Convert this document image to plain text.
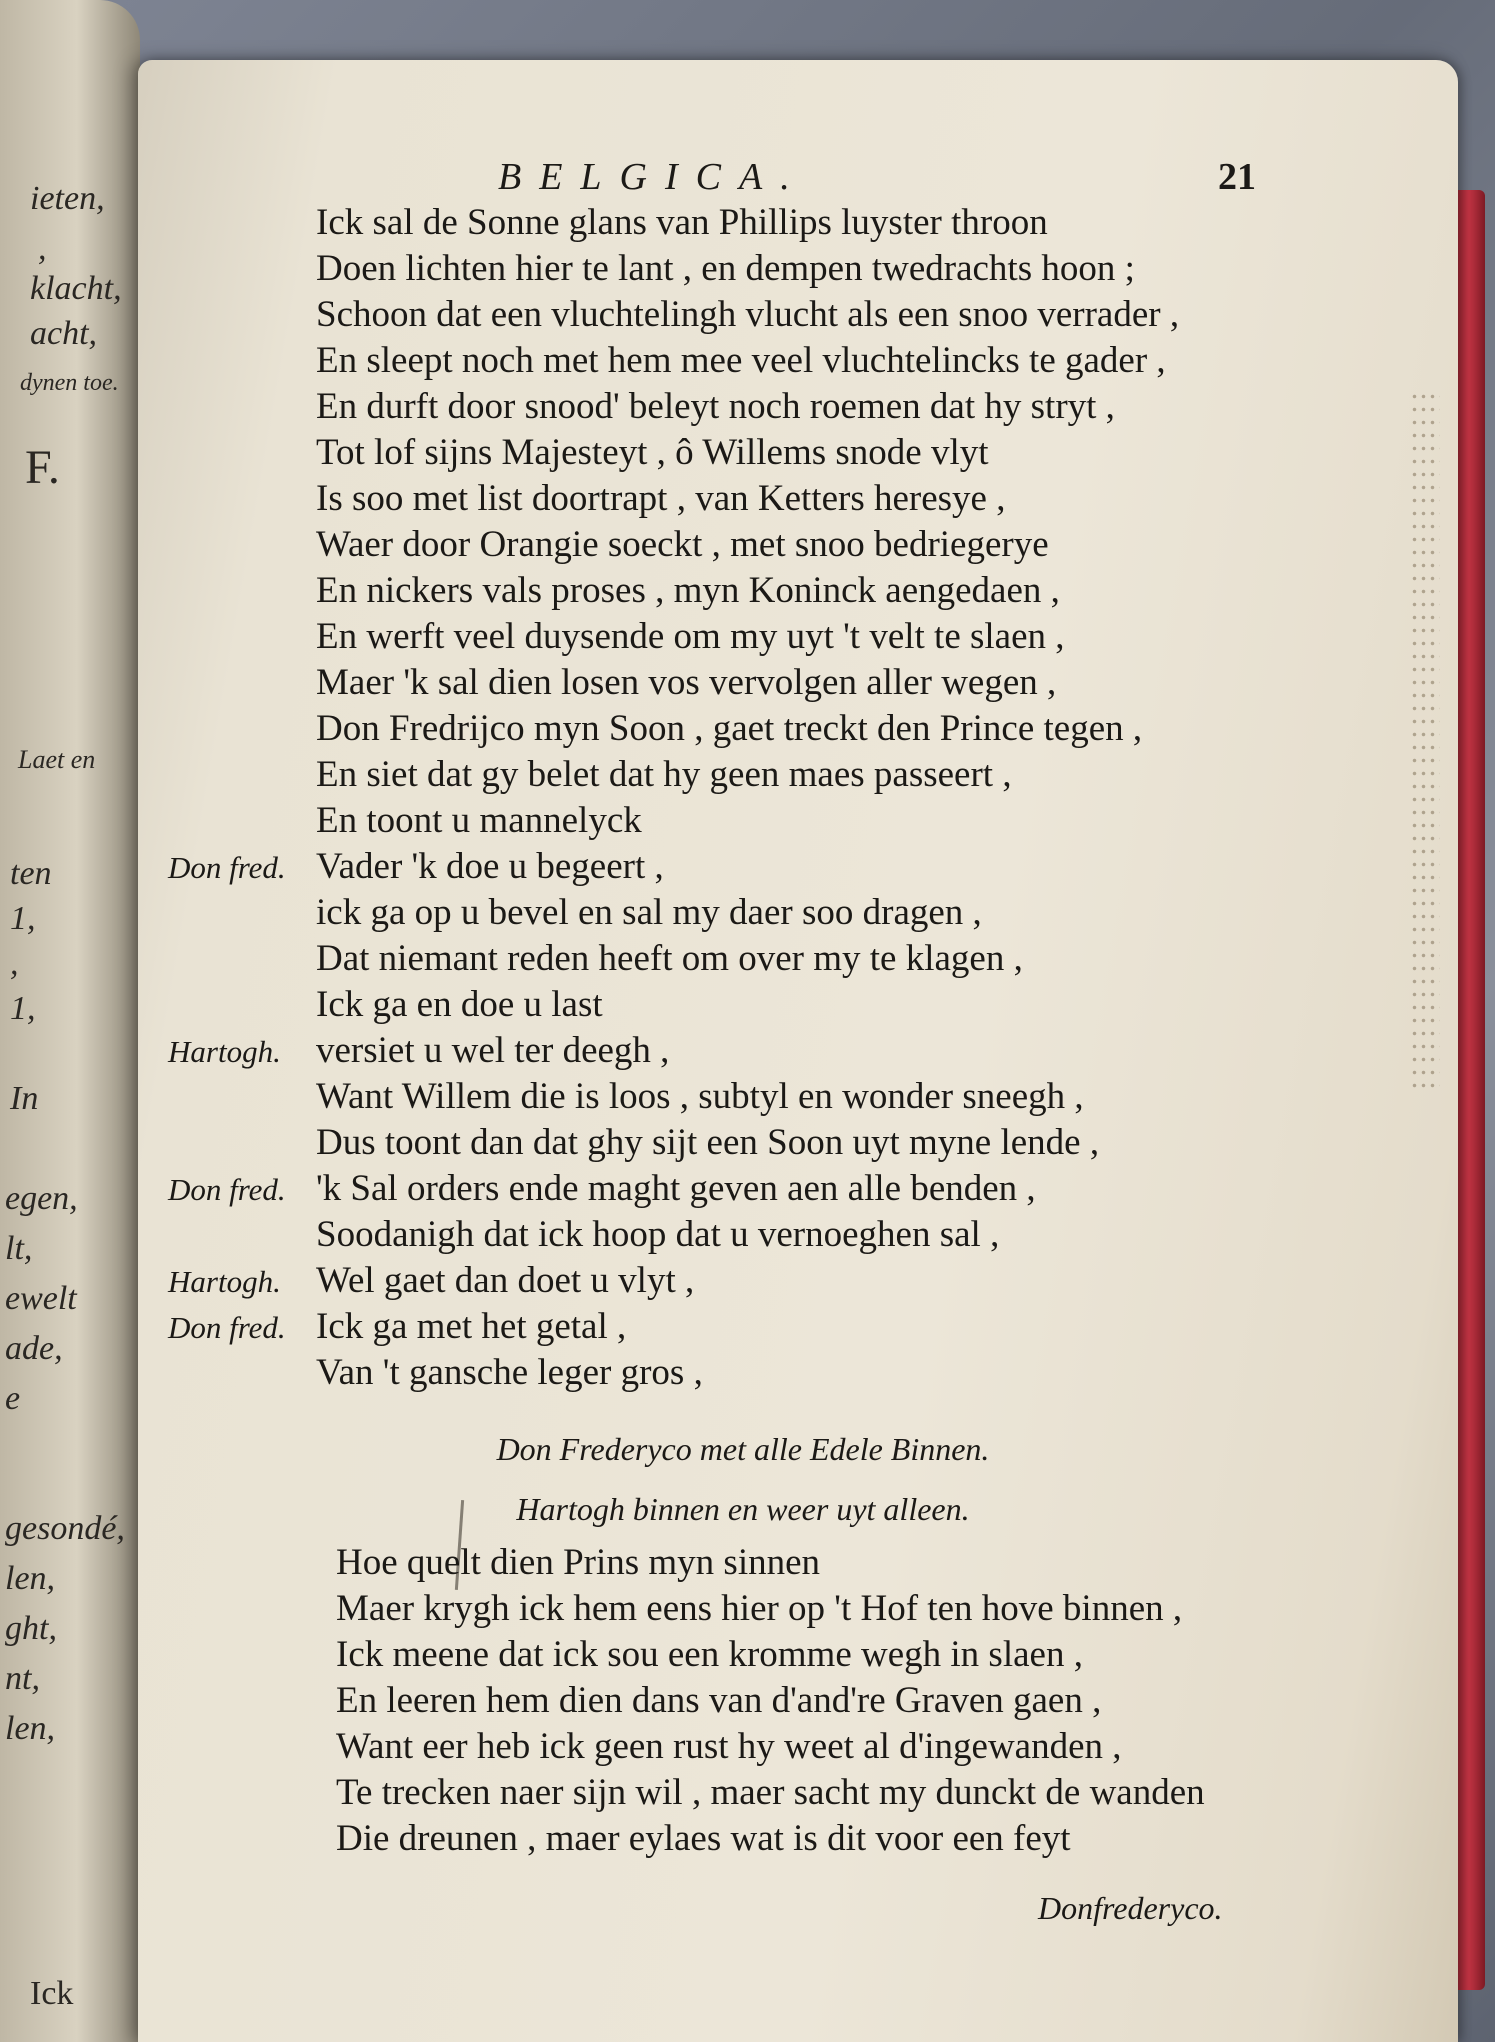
ieten,
,
klacht,
acht,
dynen toe.
F.
Laet en
ten
1,
,
1,
In
egen,
lt,
ewelt
ade,
e
gesondé,
len,
ght,
nt,
len,
Ick
BELGICA.	21
Ick sal de Sonne glans van Phillips luyster throon
Doen lichten hier te lant , en dempen twedrachts hoon ;
Schoon dat een vluchtelingh vlucht als een snoo verrader ,
En sleept noch met hem mee veel vluchtelincks te gader ,
En durft door snood' beleyt noch roemen dat hy stryt ,
Tot lof sijns Majesteyt , ô Willems snode vlyt
Is soo met list doortrapt , van Ketters heresye ,
Waer door Orangie soeckt , met snoo bedriegerye
En nickers vals proses , myn Koninck aengedaen ,
En werft veel duysende om my uyt 't velt te slaen ,
Maer 'k sal dien losen vos vervolgen aller wegen ,
Don Fredrijco myn Soon , gaet treckt den Prince tegen ,
En siet dat gy belet dat hy geen maes passeert ,
En toont u mannelyck
Don fred. Vader 'k doe u begeert ,
ick ga op u bevel en sal my daer soo dragen ,
Dat niemant reden heeft om over my te klagen ,
Ick ga en doe u last
Hartogh. versiet u wel ter deegh ,
Want Willem die is loos , subtyl en wonder sneegh ,
Dus toont dan dat ghy sijt een Soon uyt myne lende ,
Don fred. 'k Sal orders ende maght geven aen alle benden ,
Soodanigh dat ick hoop dat u vernoeghen sal ,
Hartogh. Wel gaet dan doet u vlyt ,
Don fred. Ick ga met het getal ,
Van 't gansche leger gros ,
Don Frederyco met alle Edele Binnen.
Hartogh binnen en weer uyt alleen.
Hoe quelt dien Prins myn sinnen
Maer krygh ick hem eens hier op 't Hof ten hove binnen ,
Ick meene dat ick sou een kromme wegh in slaen ,
En leeren hem dien dans van d'and're Graven gaen ,
Want eer heb ick geen rust hy weet al d'ingewanden ,
Te trecken naer sijn wil , maer sacht my dunckt de wanden
Die dreunen , maer eylaes wat is dit voor een feyt
Donfrederyco.
